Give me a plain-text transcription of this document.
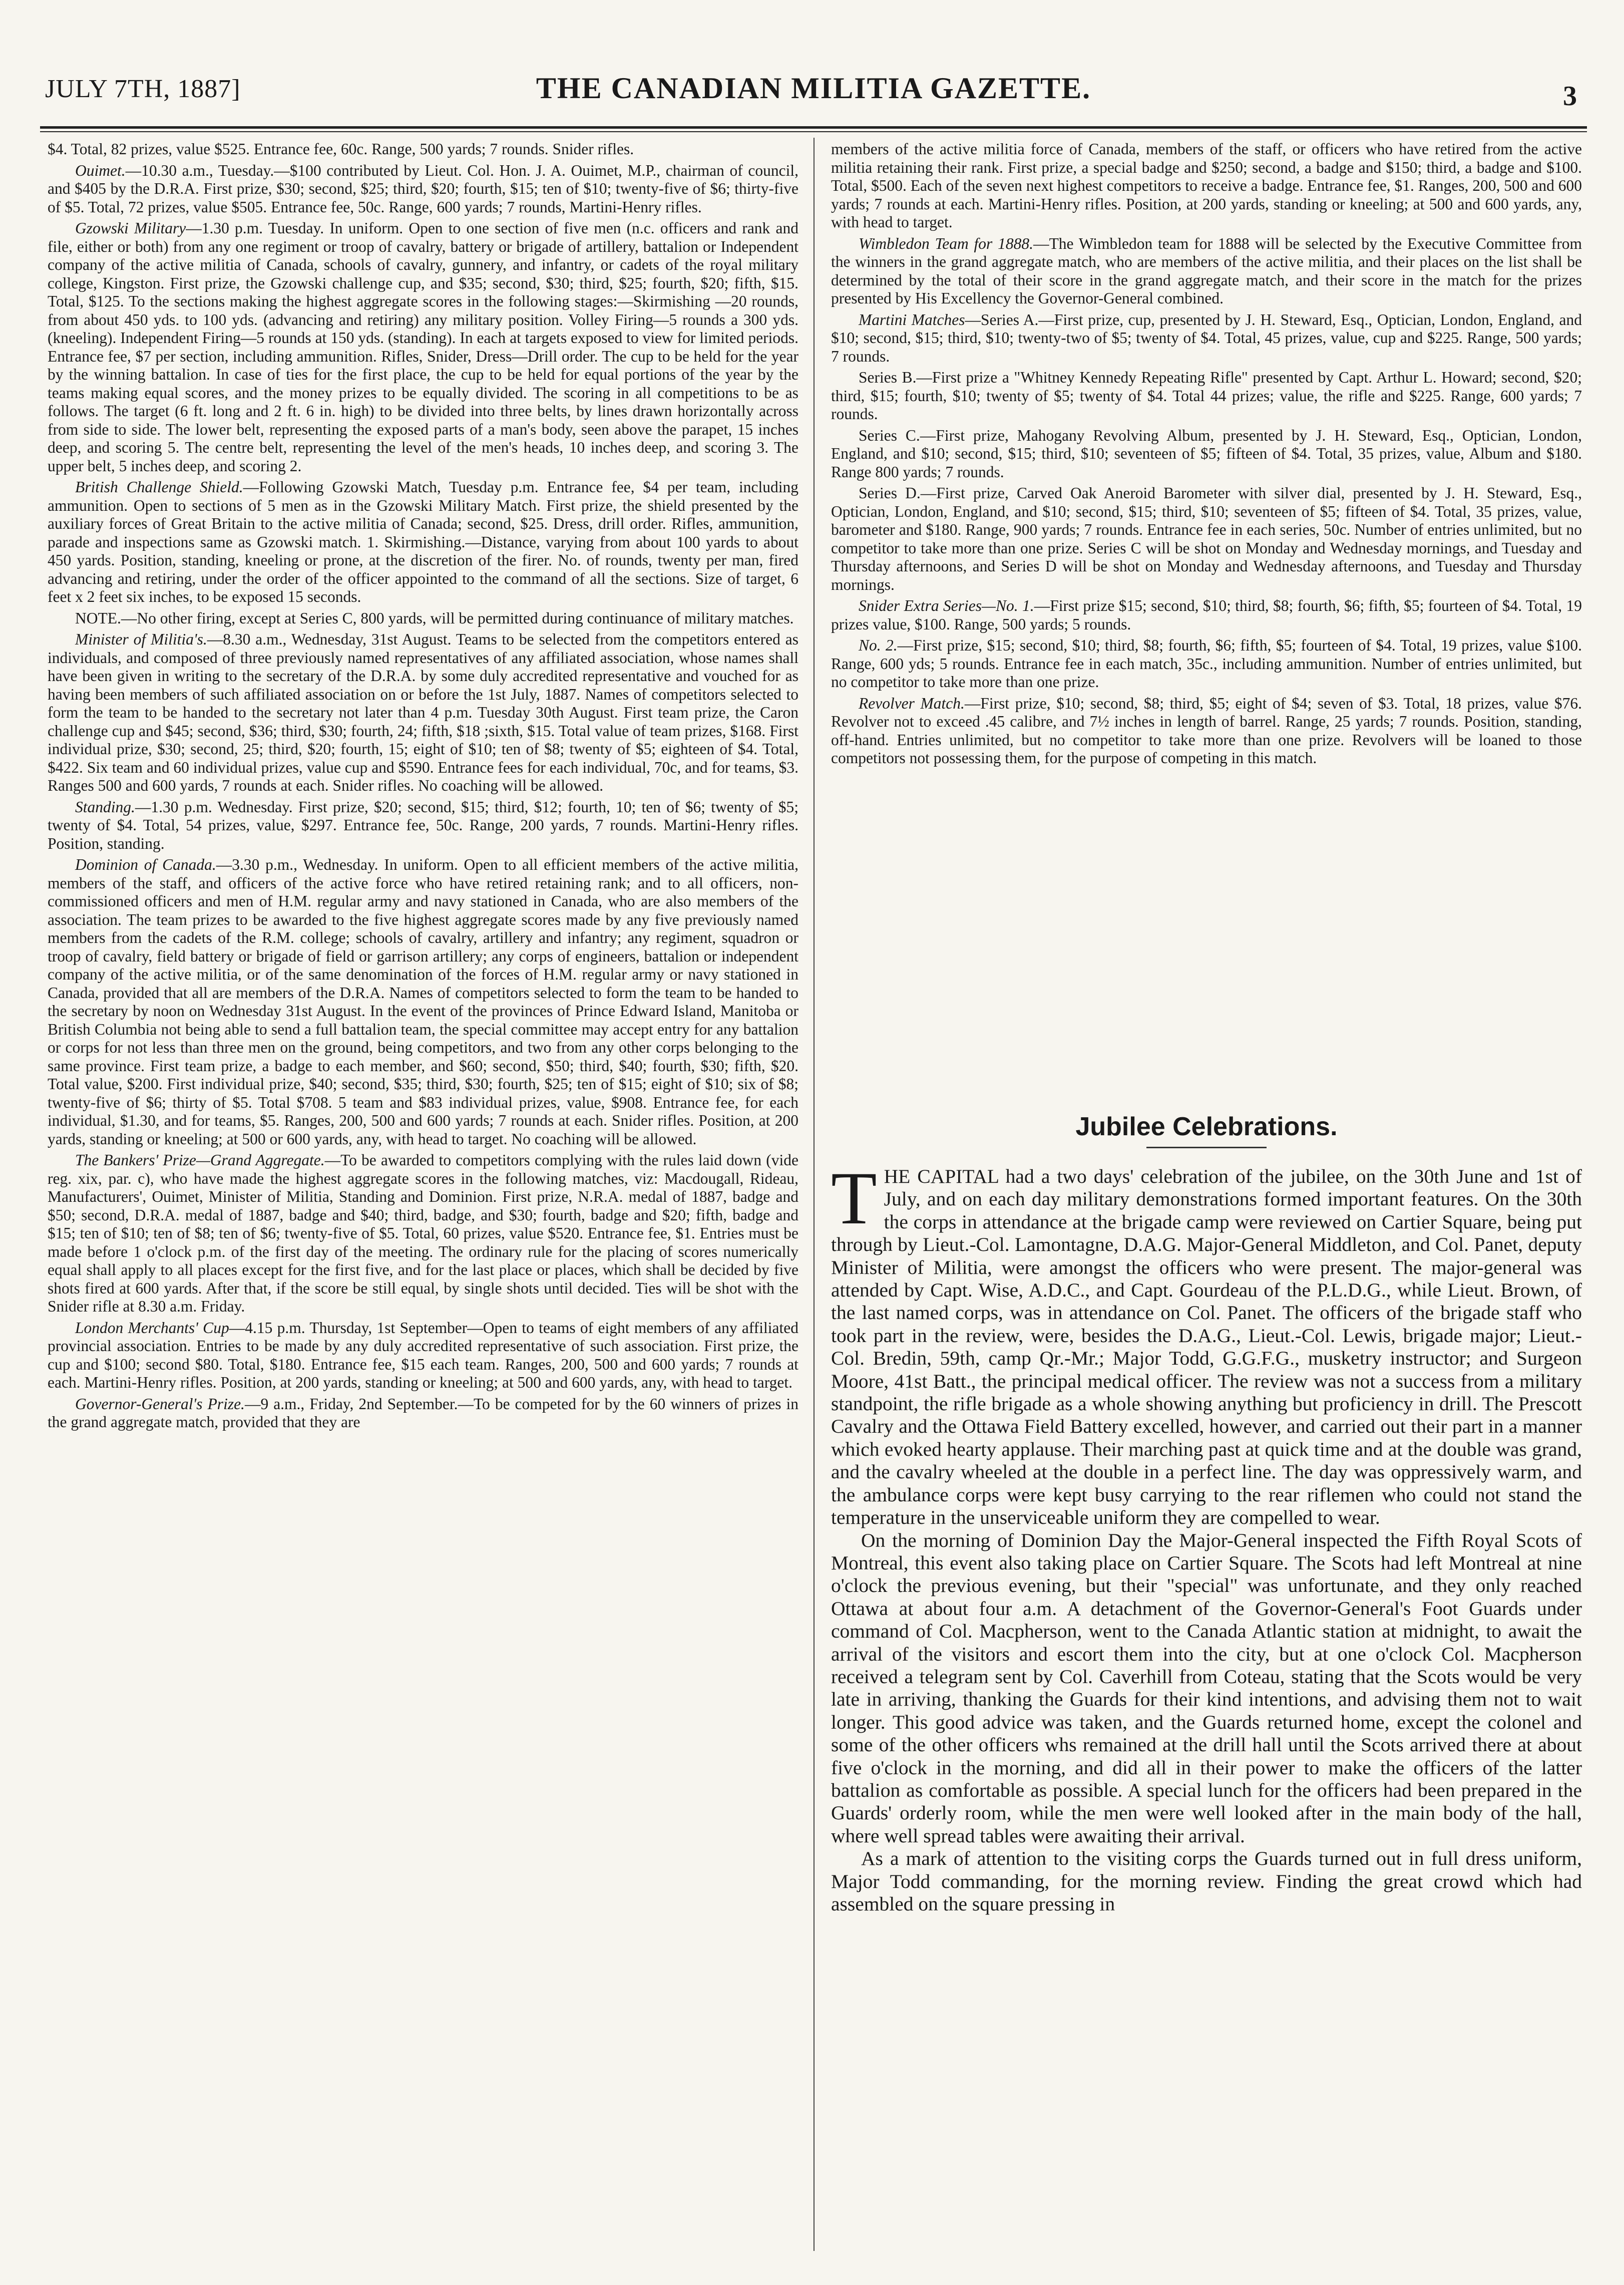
JULY 7TH, 1887]	THE CANADIAN MILITIA GAZETTE.	3

$4. Total, 82 prizes, value $525. Entrance fee, 60c. Range, 500 yards; 7 rounds. Snider rifles.

Ouimet.—10.30 a.m., Tuesday.—$100 contributed by Lieut. Col. Hon. J. A. Ouimet, M.P., chairman of council, and $405 by the D.R.A. First prize, $30; second, $25; third, $20; fourth, $15; ten of $10; twenty-five of $6; thirty-five of $5. Total, 72 prizes, value $505. Entrance fee, 50c. Range, 600 yards; 7 rounds, Martini-Henry rifles.

Gzowski Military—1.30 p.m. Tuesday. In uniform. Open to one section of five men (n.c. officers and rank and file, either or both) from any one regiment or troop of cavalry, battery or brigade of artillery, battalion or Independent company of the active militia of Canada, schools of cavalry, gunnery, and infantry, or cadets of the royal military college, Kingston. First prize, the Gzowski challenge cup, and $35; second, $30; third, $25; fourth, $20; fifth, $15. Total, $125. To the sections making the highest aggregate scores in the following stages:—Skirmishing —20 rounds, from about 450 yds. to 100 yds. (advancing and retiring) any military position. Volley Firing—5 rounds a 300 yds. (kneeling). Independent Firing—5 rounds at 150 yds. (standing). In each at targets exposed to view for limited periods. Entrance fee, $7 per section, including ammunition. Rifles, Snider, Dress—Drill order. The cup to be held for the year by the winning battalion. In case of ties for the first place, the cup to be held for equal portions of the year by the teams making equal scores, and the money prizes to be equally divided. The scoring in all competitions to be as follows. The target (6 ft. long and 2 ft. 6 in. high) to be divided into three belts, by lines drawn horizontally across from side to side. The lower belt, representing the exposed parts of a man's body, seen above the parapet, 15 inches deep, and scoring 5. The centre belt, representing the level of the men's heads, 10 inches deep, and scoring 3. The upper belt, 5 inches deep, and scoring 2.

British Challenge Shield.—Following Gzowski Match, Tuesday p.m. Entrance fee, $4 per team, including ammunition. Open to sections of 5 men as in the Gzowski Military Match. First prize, the shield presented by the auxiliary forces of Great Britain to the active militia of Canada; second, $25. Dress, drill order. Rifles, ammunition, parade and inspections same as Gzowski match. 1. Skirmishing.—Distance, varying from about 100 yards to about 450 yards. Position, standing, kneeling or prone, at the discretion of the firer. No. of rounds, twenty per man, fired advancing and retiring, under the order of the officer appointed to the command of all the sections. Size of target, 6 feet x 2 feet six inches, to be exposed 15 seconds.

NOTE.—No other firing, except at Series C, 800 yards, will be permitted during continuance of military matches.

Minister of Militia's.—8.30 a.m., Wednesday, 31st August. Teams to be selected from the competitors entered as individuals, and composed of three previously named representatives of any affiliated association, whose names shall have been given in writing to the secretary of the D.R.A. by some duly accredited representative and vouched for as having been members of such affiliated association on or before the 1st July, 1887. Names of competitors selected to form the team to be handed to the secretary not later than 4 p.m. Tuesday 30th August. First team prize, the Caron challenge cup and $45; second, $36; third, $30; fourth, 24; fifth, $18 ;sixth, $15. Total value of team prizes, $168. First individual prize, $30; second, 25; third, $20; fourth, 15; eight of $10; ten of $8; twenty of $5; eighteen of $4. Total, $422. Six team and 60 individual prizes, value cup and $590. Entrance fees for each individual, 70c, and for teams, $3. Ranges 500 and 600 yards, 7 rounds at each. Snider rifles. No coaching will be allowed.

Standing.—1.30 p.m. Wednesday. First prize, $20; second, $15; third, $12; fourth, 10; ten of $6; twenty of $5; twenty of $4. Total, 54 prizes, value, $297. Entrance fee, 50c. Range, 200 yards, 7 rounds. Martini-Henry rifles. Position, standing.

Dominion of Canada.—3.30 p.m., Wednesday. In uniform. Open to all efficient members of the active militia, members of the staff, and officers of the active force who have retired retaining rank; and to all officers, non-commissioned officers and men of H.M. regular army and navy stationed in Canada, who are also members of the association. The team prizes to be awarded to the five highest aggregate scores made by any five previously named members from the cadets of the R.M. college; schools of cavalry, artillery and infantry; any regiment, squadron or troop of cavalry, field battery or brigade of field or garrison artillery; any corps of engineers, battalion or independent company of the active militia, or of the same denomination of the forces of H.M. regular army or navy stationed in Canada, provided that all are members of the D.R.A. Names of competitors selected to form the team to be handed to the secretary by noon on Wednesday 31st August. In the event of the provinces of Prince Edward Island, Manitoba or British Columbia not being able to send a full battalion team, the special committee may accept entry for any battalion or corps for not less than three men on the ground, being competitors, and two from any other corps belonging to the same province. First team prize, a badge to each member, and $60; second, $50; third, $40; fourth, $30; fifth, $20. Total value, $200. First individual prize, $40; second, $35; third, $30; fourth, $25; ten of $15; eight of $10; six of $8; twenty-five of $6; thirty of $5. Total $708. 5 team and $83 individual prizes, value, $908. Entrance fee, for each individual, $1.30, and for teams, $5. Ranges, 200, 500 and 600 yards; 7 rounds at each. Snider rifles. Position, at 200 yards, standing or kneeling; at 500 or 600 yards, any, with head to target. No coaching will be allowed.

The Bankers' Prize—Grand Aggregate.—To be awarded to competitors complying with the rules laid down (vide reg. xix, par. c), who have made the highest aggregate scores in the following matches, viz: Macdougall, Rideau, Manufacturers', Ouimet, Minister of Militia, Standing and Dominion. First prize, N.R.A. medal of 1887, badge and $50; second, D.R.A. medal of 1887, badge and $40; third, badge, and $30; fourth, badge and $20; fifth, badge and $15; ten of $10; ten of $8; ten of $6; twenty-five of $5. Total, 60 prizes, value $520. Entrance fee, $1. Entries must be made before 1 o'clock p.m. of the first day of the meeting. The ordinary rule for the placing of scores numerically equal shall apply to all places except for the first five, and for the last place or places, which shall be decided by five shots fired at 600 yards. After that, if the score be still equal, by single shots until decided. Ties will be shot with the Snider rifle at 8.30 a.m. Friday.

London Merchants' Cup—4.15 p.m. Thursday, 1st September—Open to teams of eight members of any affiliated provincial association. Entries to be made by any duly accredited representative of such association. First prize, the cup and $100; second $80. Total, $180. Entrance fee, $15 each team. Ranges, 200, 500 and 600 yards; 7 rounds at each. Martini-Henry rifles. Position, at 200 yards, standing or kneeling; at 500 and 600 yards, any, with head to target.

Governor-General's Prize.—9 a.m., Friday, 2nd September.—To be competed for by the 60 winners of prizes in the grand aggregate match, provided that they are

members of the active militia force of Canada, members of the staff, or officers who have retired from the active militia retaining their rank. First prize, a special badge and $250; second, a badge and $150; third, a badge and $100. Total, $500. Each of the seven next highest competitors to receive a badge. Entrance fee, $1. Ranges, 200, 500 and 600 yards; 7 rounds at each. Martini-Henry rifles. Position, at 200 yards, standing or kneeling; at 500 and 600 yards, any, with head to target.

Wimbledon Team for 1888.—The Wimbledon team for 1888 will be selected by the Executive Committee from the winners in the grand aggregate match, who are members of the active militia, and their places on the list shall be determined by the total of their score in the grand aggregate match, and their score in the match for the prizes presented by His Excellency the Governor-General combined.

Martini Matches—Series A.—First prize, cup, presented by J. H. Steward, Esq., Optician, London, England, and $10; second, $15; third, $10; twenty-two of $5; twenty of $4. Total, 45 prizes, value, cup and $225. Range, 500 yards; 7 rounds.

Series B.—First prize a "Whitney Kennedy Repeating Rifle" presented by Capt. Arthur L. Howard; second, $20; third, $15; fourth, $10; twenty of $5; twenty of $4. Total 44 prizes; value, the rifle and $225. Range, 600 yards; 7 rounds.

Series C.—First prize, Mahogany Revolving Album, presented by J. H. Steward, Esq., Optician, London, England, and $10; second, $15; third, $10; seventeen of $5; fifteen of $4. Total, 35 prizes, value, Album and $180. Range 800 yards; 7 rounds.

Series D.—First prize, Carved Oak Aneroid Barometer with silver dial, presented by J. H. Steward, Esq., Optician, London, England, and $10; second, $15; third, $10; seventeen of $5; fifteen of $4. Total, 35 prizes, value, barometer and $180. Range, 900 yards; 7 rounds. Entrance fee in each series, 50c. Number of entries unlimited, but no competitor to take more than one prize. Series C will be shot on Monday and Wednesday mornings, and Tuesday and Thursday afternoons, and Series D will be shot on Monday and Wednesday afternoons, and Tuesday and Thursday mornings.

Snider Extra Series—No. 1.—First prize $15; second, $10; third, $8; fourth, $6; fifth, $5; fourteen of $4. Total, 19 prizes value, $100. Range, 500 yards; 5 rounds.

No. 2.—First prize, $15; second, $10; third, $8; fourth, $6; fifth, $5; fourteen of $4. Total, 19 prizes, value $100. Range, 600 yds; 5 rounds. Entrance fee in each match, 35c., including ammunition. Number of entries unlimited, but no competitor to take more than one prize.

Revolver Match.—First prize, $10; second, $8; third, $5; eight of $4; seven of $3. Total, 18 prizes, value $76. Revolver not to exceed .45 calibre, and 7½ inches in length of barrel. Range, 25 yards; 7 rounds. Position, standing, off-hand. Entries unlimited, but no competitor to take more than one prize. Revolvers will be loaned to those competitors not possessing them, for the purpose of competing in this match.

Jubilee Celebrations.

THE CAPITAL had a two days' celebration of the jubilee, on the 30th June and 1st of July, and on each day military demonstrations formed important features. On the 30th the corps in attendance at the brigade camp were reviewed on Cartier Square, being put through by Lieut.-Col. Lamontagne, D.A.G. Major-General Middleton, and Col. Panet, deputy Minister of Militia, were amongst the officers who were present. The major-general was attended by Capt. Wise, A.D.C., and Capt. Gourdeau of the P.L.D.G., while Lieut. Brown, of the last named corps, was in attendance on Col. Panet. The officers of the brigade staff who took part in the review, were, besides the D.A.G., Lieut.-Col. Lewis, brigade major; Lieut.-Col. Bredin, 59th, camp Qr.-Mr.; Major Todd, G.G.F.G., musketry instructor; and Surgeon Moore, 41st Batt., the principal medical officer. The review was not a success from a military standpoint, the rifle brigade as a whole showing anything but proficiency in drill. The Prescott Cavalry and the Ottawa Field Battery excelled, however, and carried out their part in a manner which evoked hearty applause. Their marching past at quick time and at the double was grand, and the cavalry wheeled at the double in a perfect line. The day was oppressively warm, and the ambulance corps were kept busy carrying to the rear riflemen who could not stand the temperature in the unserviceable uniform they are compelled to wear.

On the morning of Dominion Day the Major-General inspected the Fifth Royal Scots of Montreal, this event also taking place on Cartier Square. The Scots had left Montreal at nine o'clock the previous evening, but their "special" was unfortunate, and they only reached Ottawa at about four a.m. A detachment of the Governor-General's Foot Guards under command of Col. Macpherson, went to the Canada Atlantic station at midnight, to await the arrival of the visitors and escort them into the city, but at one o'clock Col. Macpherson received a telegram sent by Col. Caverhill from Coteau, stating that the Scots would be very late in arriving, thanking the Guards for their kind intentions, and advising them not to wait longer. This good advice was taken, and the Guards returned home, except the colonel and some of the other officers whs remained at the drill hall until the Scots arrived there at about five o'clock in the morning, and did all in their power to make the officers of the latter battalion as comfortable as possible. A special lunch for the officers had been prepared in the Guards' orderly room, while the men were well looked after in the main body of the hall, where well spread tables were awaiting their arrival.

As a mark of attention to the visiting corps the Guards turned out in full dress uniform, Major Todd commanding, for the morning review. Finding the great crowd which had assembled on the square pressing in
